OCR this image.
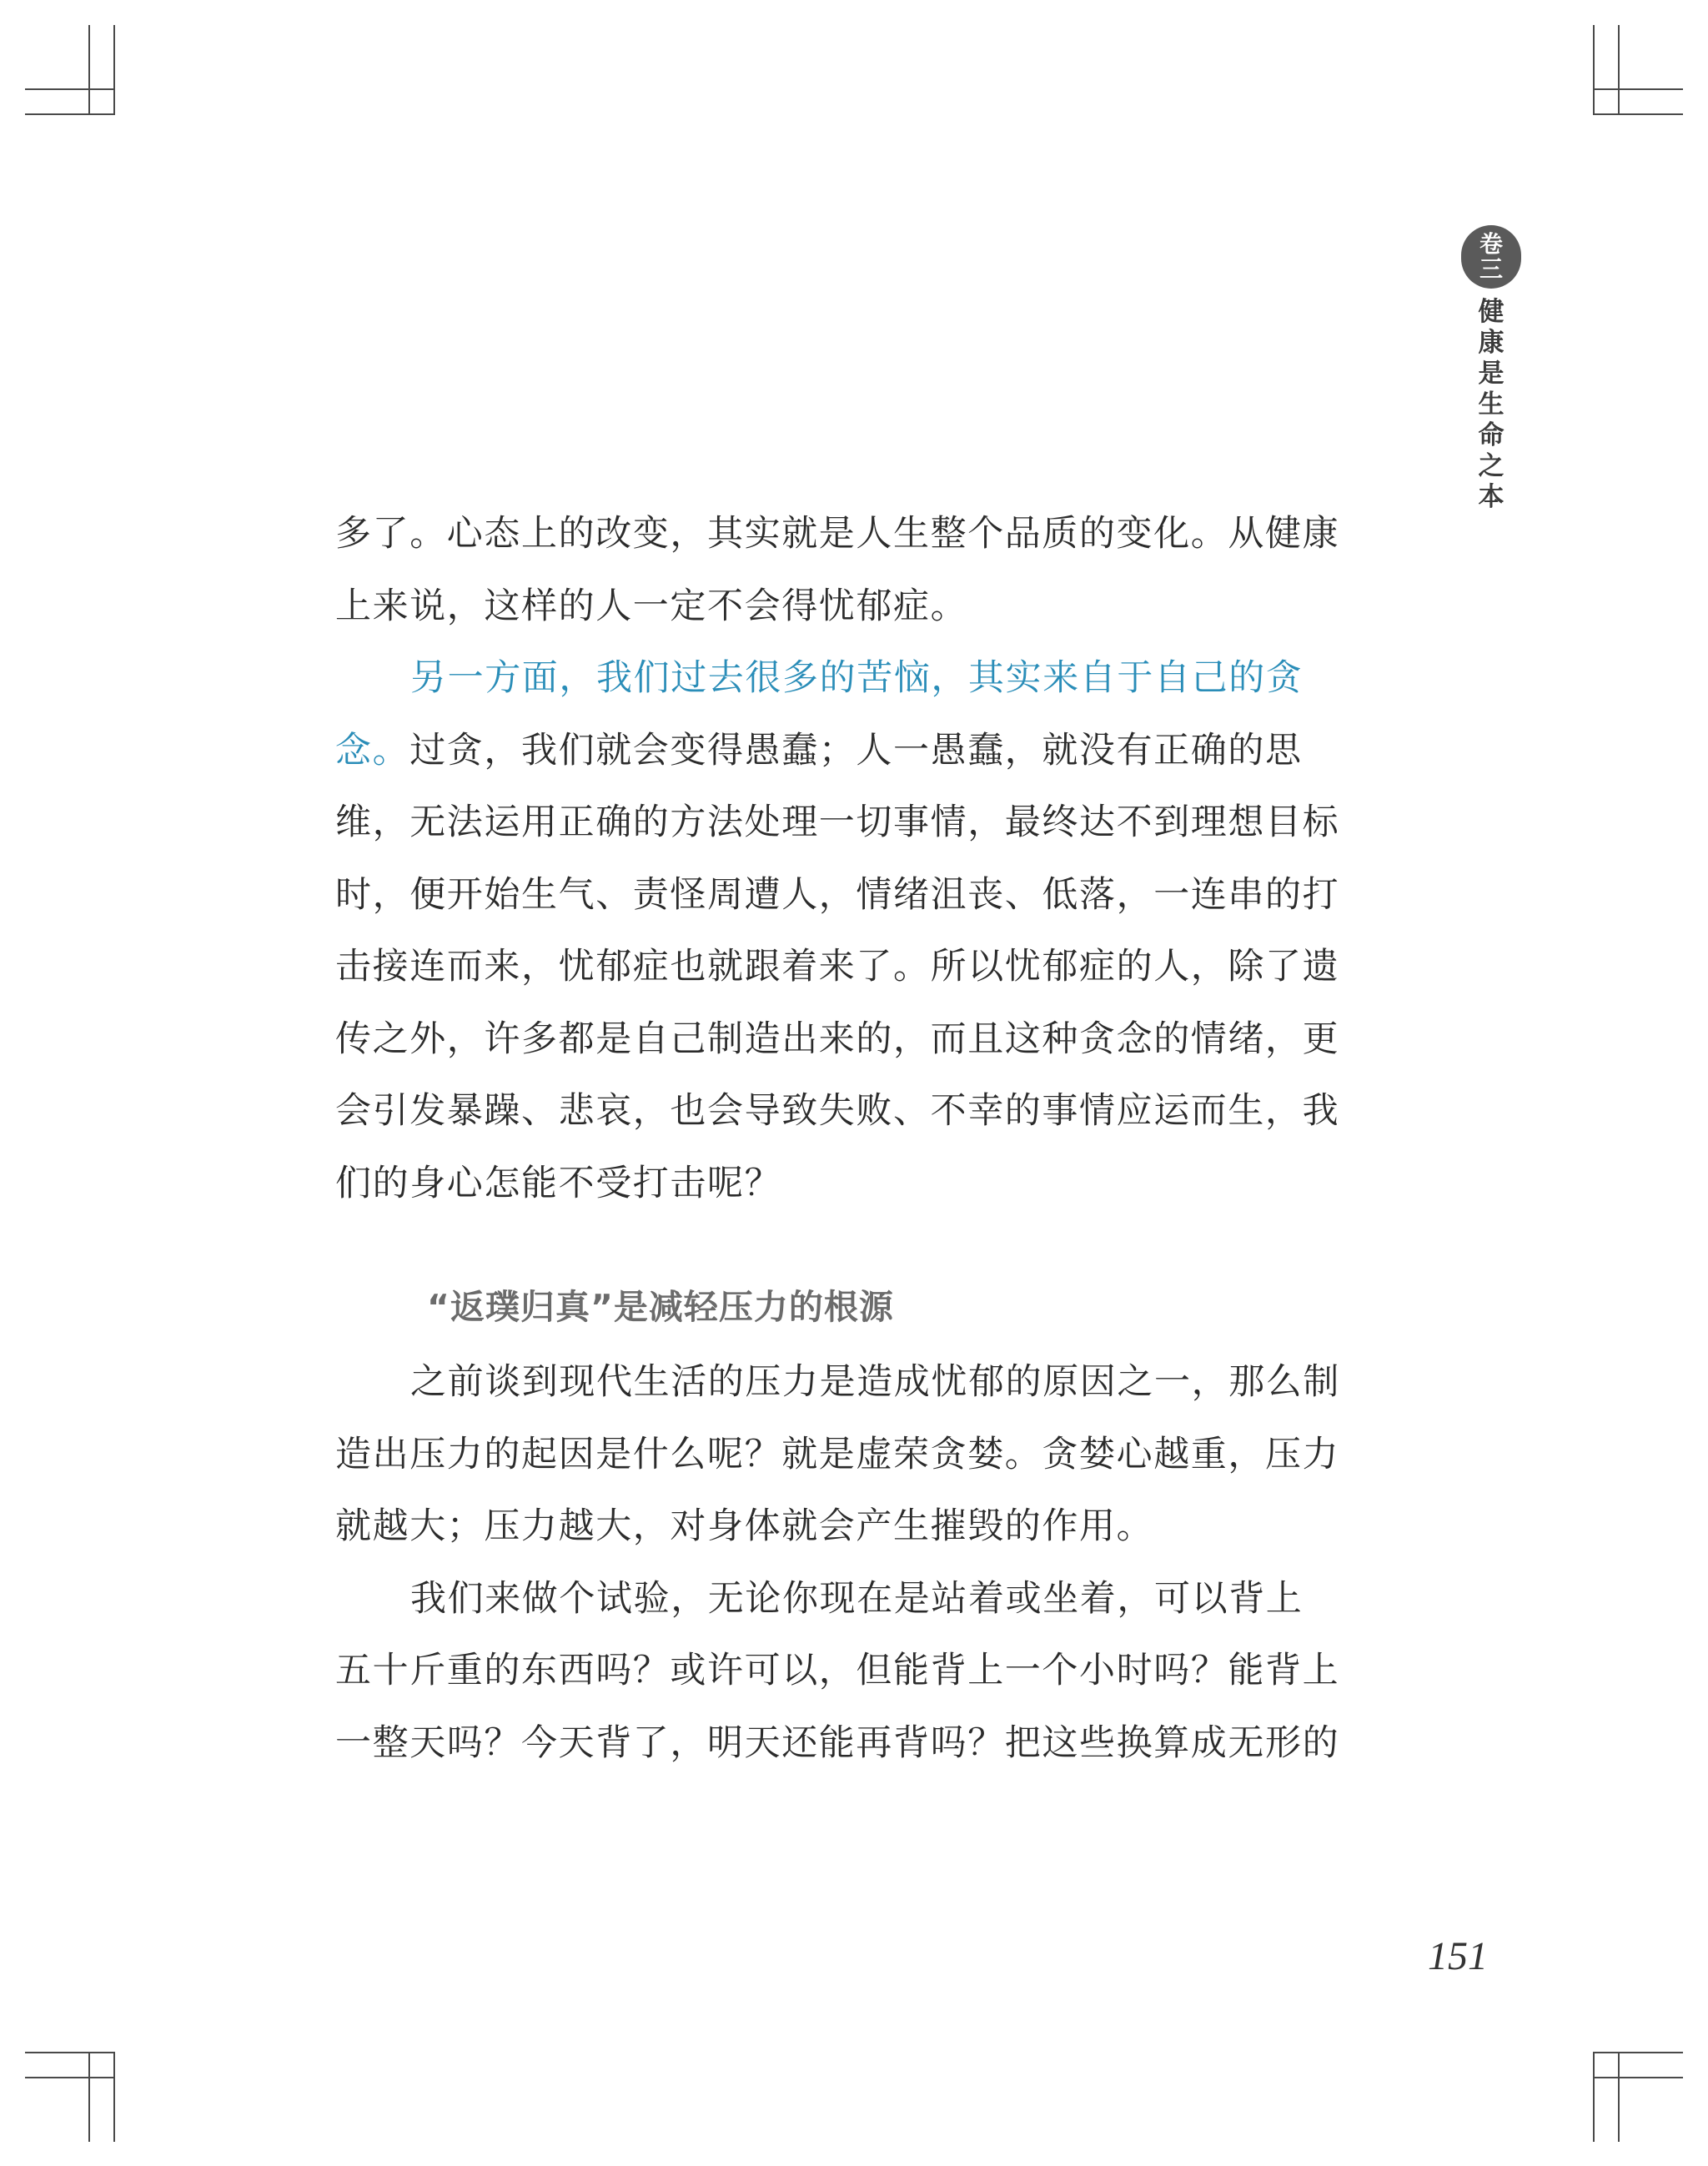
卷
三
健
康
是
生
命
之
本

多了。心态上的改变，其实就是人生整个品质的变化。从健康

上来说，这样的人一定不会得忧郁症。

另一方面，我们过去很多的苦恼，其实来自于自己的贪

念。过贪，我们就会变得愚蠢；人一愚蠢，就没有正确的思

维，无法运用正确的方法处理一切事情，最终达不到理想目标

时，便开始生气、责怪周遭人，情绪沮丧、低落，一连串的打

击接连而来，忧郁症也就跟着来了。所以忧郁症的人，除了遗

传之外，许多都是自己制造出来的，而且这种贪念的情绪，更

会引发暴躁、悲哀，也会导致失败、不幸的事情应运而生，我

们的身心怎能不受打击呢？

“返璞归真”是减轻压力的根源

之前谈到现代生活的压力是造成忧郁的原因之一，那么制

造出压力的起因是什么呢？就是虚荣贪婪。贪婪心越重，压力

就越大；压力越大，对身体就会产生摧毁的作用。

我们来做个试验，无论你现在是站着或坐着，可以背上

五十斤重的东西吗？或许可以，但能背上一个小时吗？能背上

一整天吗？今天背了，明天还能再背吗？把这些换算成无形的

151
